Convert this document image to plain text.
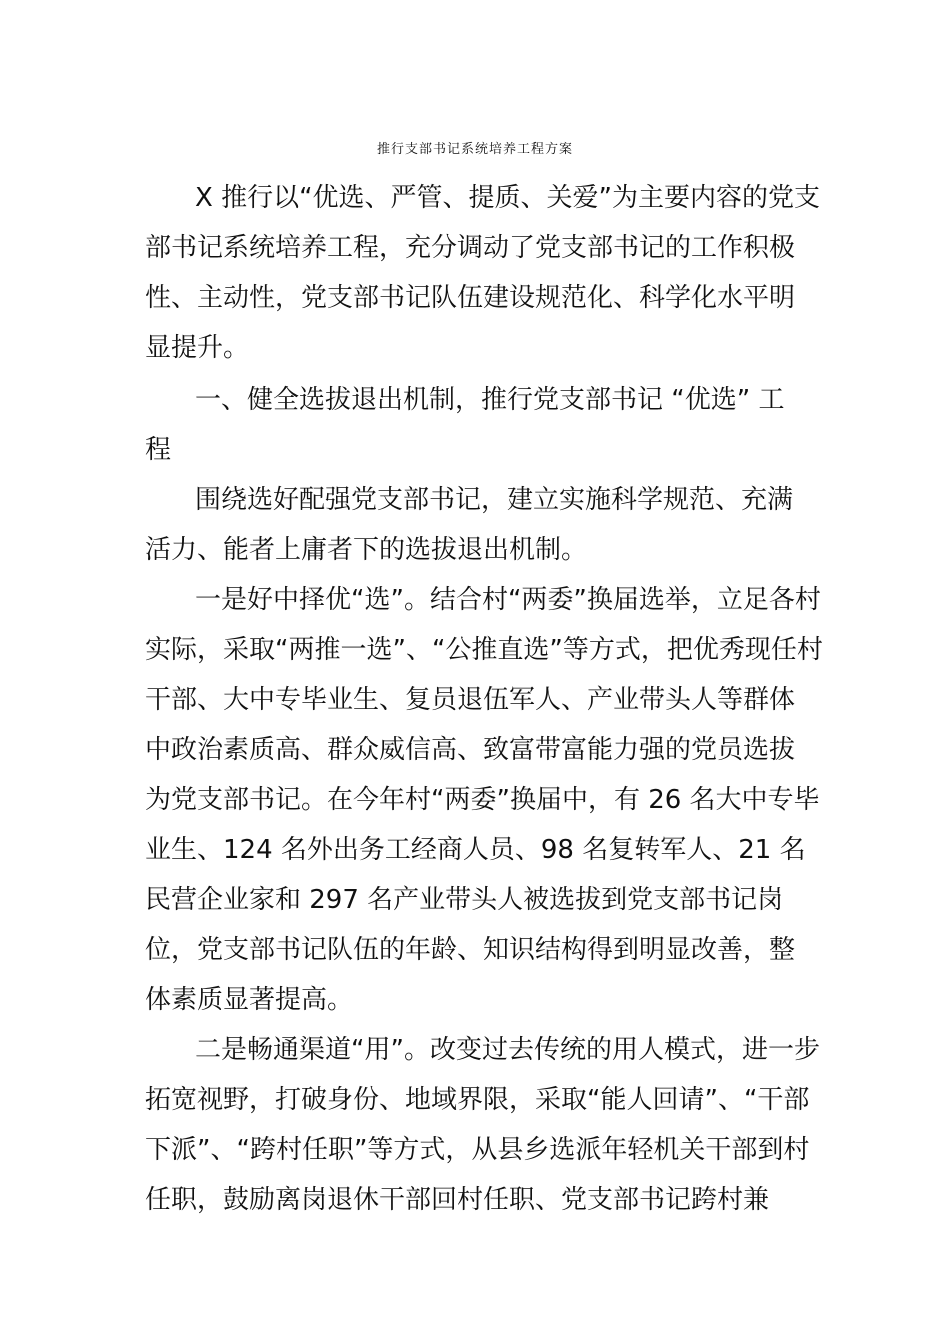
推行支部书记系统培养工程方案

X 推行以“优选、严管、提质、关爱”为主要内容的党支

部书记系统培养工程，充分调动了党支部书记的工作积极

性、主动性，党支部书记队伍建设规范化、科学化水平明

显提升。

一、健全选拔退出机制，推行党支部书记 “优选” 工

程

围绕选好配强党支部书记，建立实施科学规范、充满

活力、能者上庸者下的选拔退出机制。

一是好中择优“选”。结合村“两委”换届选举，立足各村

实际，采取“两推一选”、“公推直选”等方式，把优秀现任村

干部、大中专毕业生、复员退伍军人、产业带头人等群体

中政治素质高、群众威信高、致富带富能力强的党员选拔

为党支部书记。在今年村“两委”换届中，有 26 名大中专毕

业生、124 名外出务工经商人员、98 名复转军人、21 名

民营企业家和 297 名产业带头人被选拔到党支部书记岗

位，党支部书记队伍的年龄、知识结构得到明显改善，整

体素质显著提高。

二是畅通渠道“用”。改变过去传统的用人模式，进一步

拓宽视野，打破身份、地域界限，采取“能人回请”、“干部

下派”、“跨村任职”等方式，从县乡选派年轻机关干部到村

任职，鼓励离岗退休干部回村任职、党支部书记跨村兼
